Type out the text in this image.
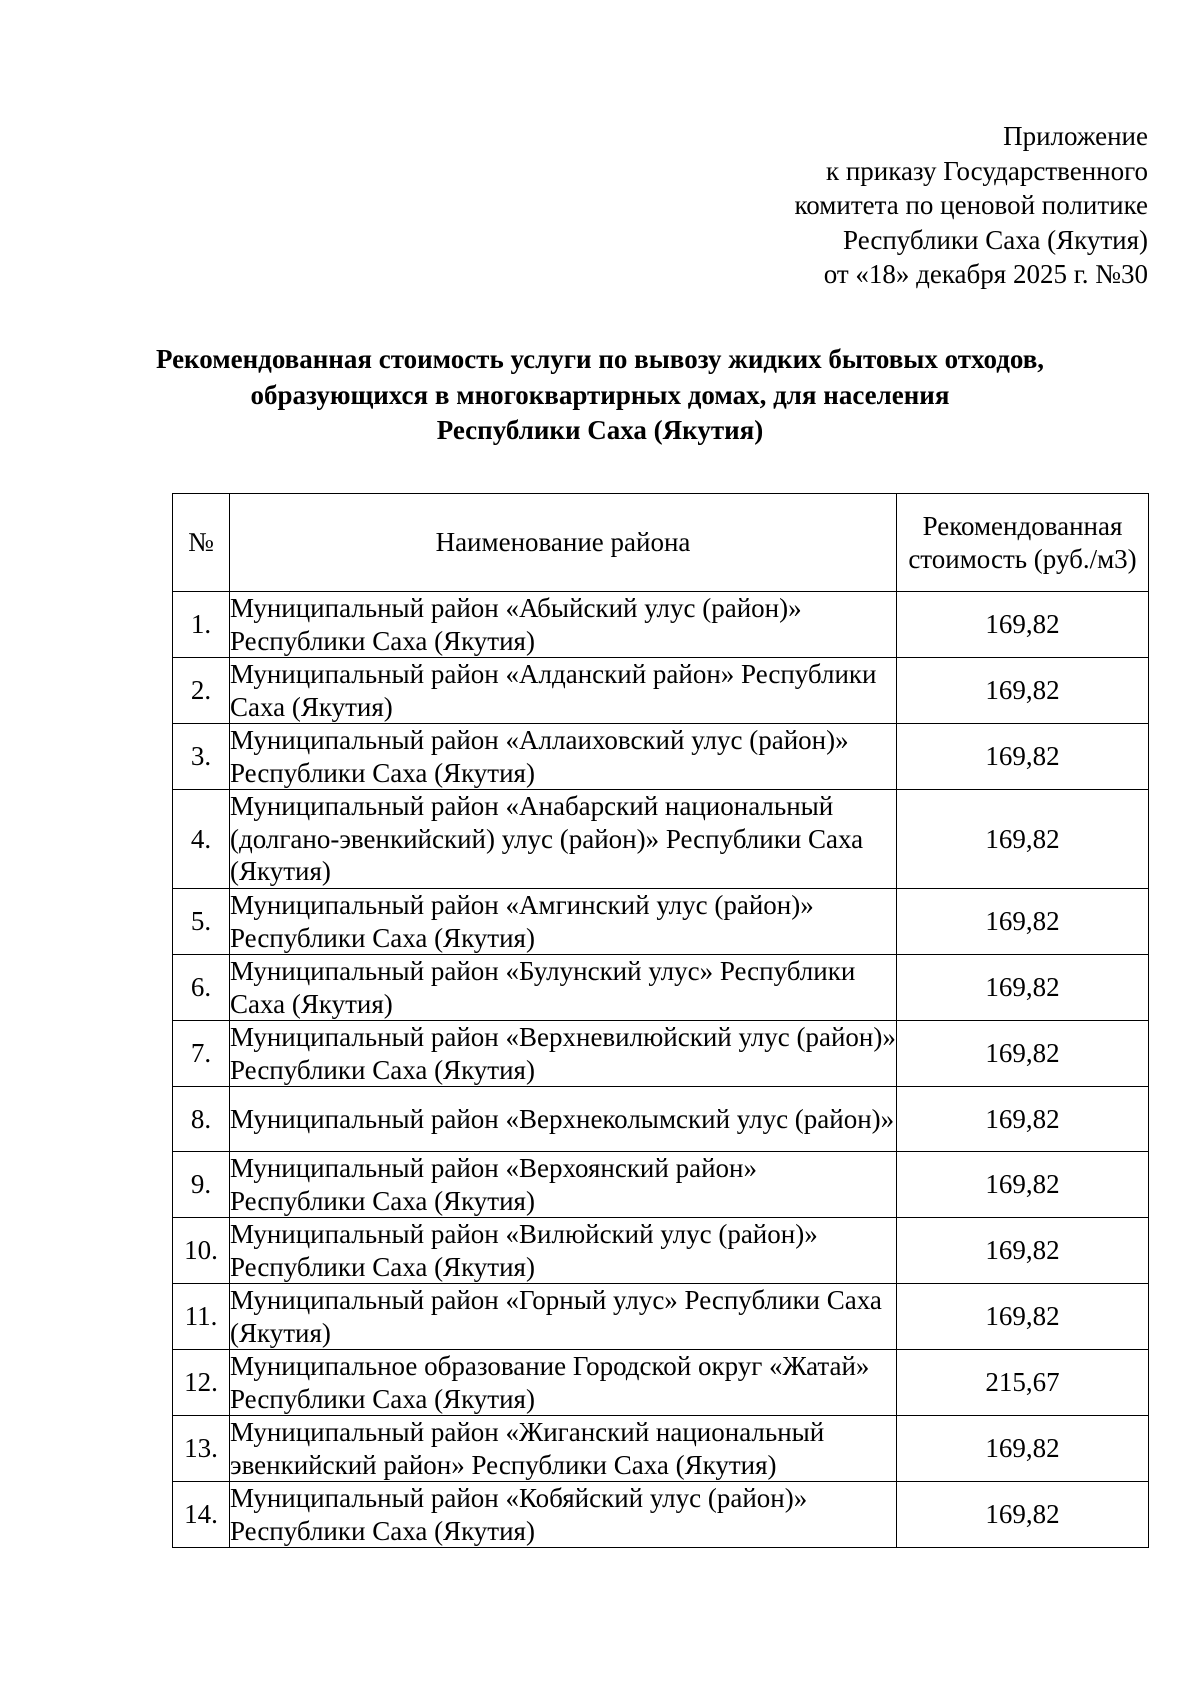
Приложение
к приказу Государственного
комитета по ценовой политике
Республики Саха (Якутия)
от «18» декабря 2025 г. №30
Рекомендованная стоимость услуги по вывозу жидких бытовых отходов,
образующихся в многоквартирных домах, для населения
Республики Саха (Якутия)
№	Наименование района	Рекомендованная стоимость (руб./м3)
1.	Муниципальный район «Абыйский улус (район)» Республики Саха (Якутия)	169,82
2.	Муниципальный район «Алданский район» Республики Саха (Якутия)	169,82
3.	Муниципальный район «Аллаиховский улус (район)» Республики Саха (Якутия)	169,82
4.	Муниципальный район «Анабарский национальный (долгано-эвенкийский) улус (район)» Республики Саха (Якутия)	169,82
5.	Муниципальный район «Амгинский улус (район)» Республики Саха (Якутия)	169,82
6.	Муниципальный район «Булунский улус» Республики Саха (Якутия)	169,82
7.	Муниципальный район «Верхневилюйский улус (район)» Республики Саха (Якутия)	169,82
8.	Муниципальный район «Верхнеколымский улус (район)»	169,82
9.	Муниципальный район «Верхоянский район» Республики Саха (Якутия)	169,82
10.	Муниципальный район «Вилюйский улус (район)» Республики Саха (Якутия)	169,82
11.	Муниципальный район «Горный улус» Республики Саха (Якутия)	169,82
12.	Муниципальное образование Городской округ «Жатай» Республики Саха (Якутия)	215,67
13.	Муниципальный район «Жиганский национальный эвенкийский район» Республики Саха (Якутия)	169,82
14.	Муниципальный район «Кобяйский улус (район)» Республики Саха (Якутия)	169,82
